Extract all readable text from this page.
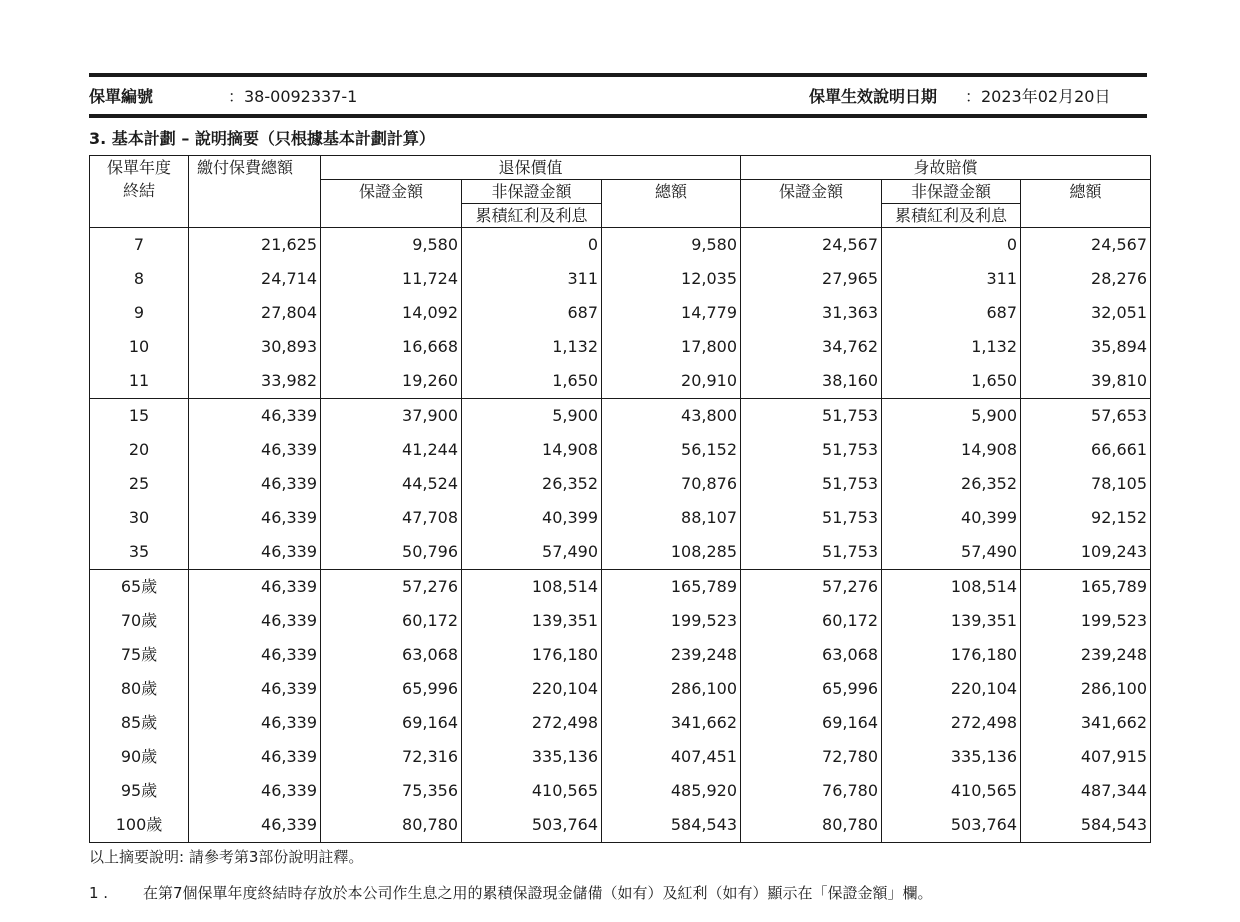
保單編號	：38-0092337-1	保單生效說明日期 ：2023年02月20日
3. 基本計劃 – 說明摘要（只根據基本計劃計算）
保單年度
終結	繳付保費總額	退保價值			身故賠償		
		保證金額	非保證金額	總額	保證金額	非保證金額	總額
			累積紅利及利息			累積紅利及利息	
7	21,625	9,580	0	9,580	24,567	0	24,567
8	24,714	11,724	311	12,035	27,965	311	28,276
9	27,804	14,092	687	14,779	31,363	687	32,051
10	30,893	16,668	1,132	17,800	34,762	1,132	35,894
11	33,982	19,260	1,650	20,910	38,160	1,650	39,810
15	46,339	37,900	5,900	43,800	51,753	5,900	57,653
20	46,339	41,244	14,908	56,152	51,753	14,908	66,661
25	46,339	44,524	26,352	70,876	51,753	26,352	78,105
30	46,339	47,708	40,399	88,107	51,753	40,399	92,152
35	46,339	50,796	57,490	108,285	51,753	57,490	109,243
65歲	46,339	57,276	108,514	165,789	57,276	108,514	165,789
70歲	46,339	60,172	139,351	199,523	60,172	139,351	199,523
75歲	46,339	63,068	176,180	239,248	63,068	176,180	239,248
80歲	46,339	65,996	220,104	286,100	65,996	220,104	286,100
85歲	46,339	69,164	272,498	341,662	69,164	272,498	341,662
90歲	46,339	72,316	335,136	407,451	72,780	335,136	407,915
95歲	46,339	75,356	410,565	485,920	76,780	410,565	487,344
100歲	46,339	80,780	503,764	584,543	80,780	503,764	584,543
以上摘要說明: 請參考第3部份說明註釋。
1 . 在第7個保單年度終結時存放於本公司作生息之用的累積保證現金儲備（如有）及紅利（如有）顯示在「保證金額」欄。
